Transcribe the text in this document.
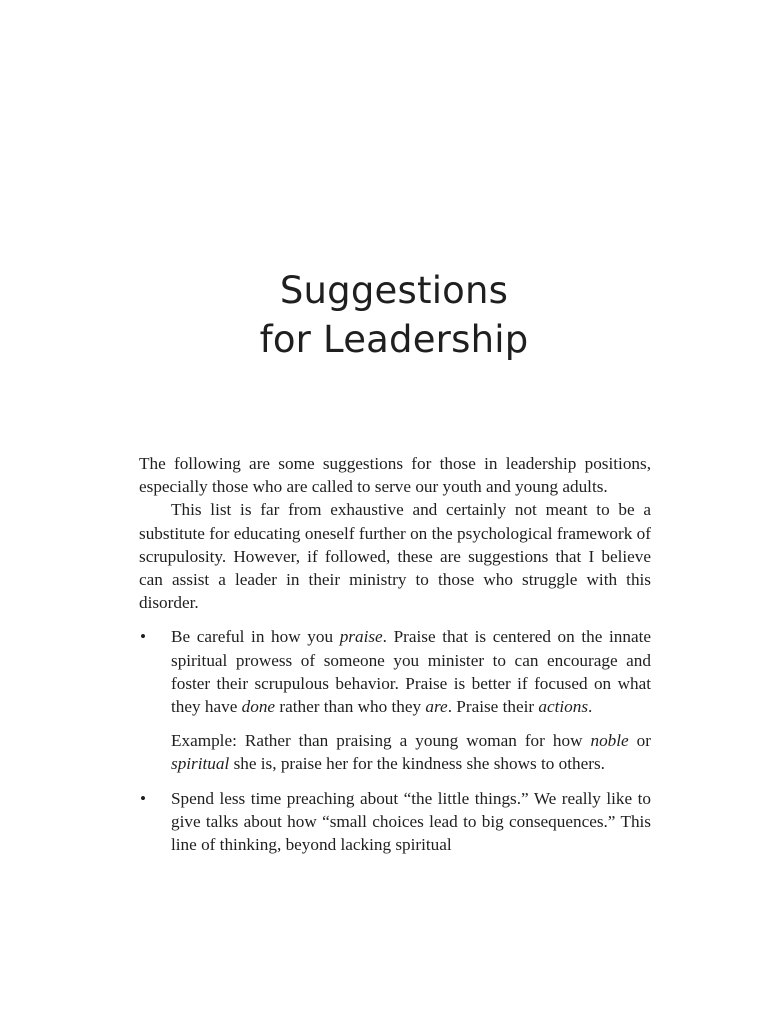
Suggestions
for Leadership

The following are some suggestions for those in leadership positions, especially those who are called to serve our youth and young adults.

This list is far from exhaustive and certainly not meant to be a substitute for educating oneself further on the psychological framework of scrupulosity. However, if followed, these are suggestions that I believe can assist a leader in their ministry to those who struggle with this disorder.

• Be careful in how you praise. Praise that is centered on the innate spiritual prowess of someone you minister to can encourage and foster their scrupulous behavior. Praise is better if focused on what they have done rather than who they are. Praise their actions.

Example: Rather than praising a young woman for how noble or spiritual she is, praise her for the kindness she shows to others.

• Spend less time preaching about “the little things.” We really like to give talks about how “small choices lead to big consequences.” This line of thinking, beyond lacking spiritual
